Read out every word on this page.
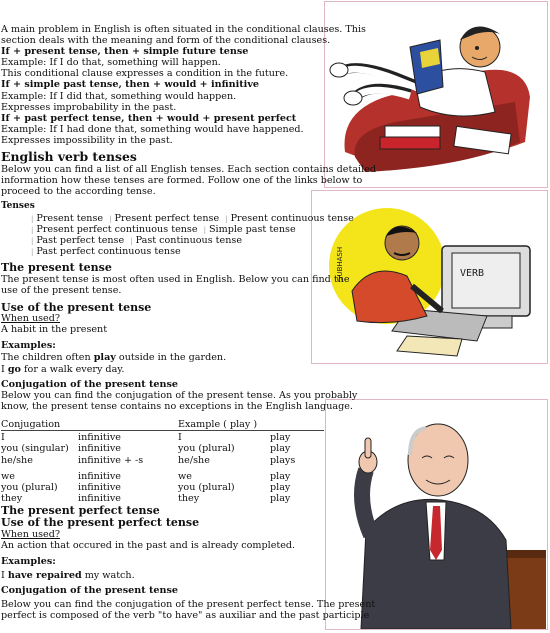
VERB
SUBHASH
A main problem in English is often situated in the conditional clauses. This
section deals with the meaning and form of the conditional clauses.
If + present tense, then + simple future tense
Example: If I do that, something will happen.
This conditional clause expresses a condition in the future.
If + simple past tense, then + would + infinitive
Example: If I did that, something would happen.
Expresses improbability in the past.
If + past perfect tense, then + would + present perfect
Example: If I had done that, something would have happened.
Expresses impossibility in the past.
English verb tenses
Below you can find a list of all English tenses. Each section contains detailed
information how these tenses are formed. Follow one of the links below to
proceed to the according tense.
Tenses
| Present tense | Present perfect tense | Present continuous tense
| Present perfect continuous tense | Simple past tense
| Past perfect tense | Past continuous tense
| Past perfect continuous tense
The present tense
The present tense is most often used in English. Below you can find the
use of the present tense.
Use of the present tense
When used?
A habit in the present
Examples:
The children often play outside in the garden.
I go for a walk every day.
Conjugation of the present tense
Below you can find the conjugation of the present tense. As you probably
know, the present tense contains no exceptions in the English language.
Conjugation		Example ( play )	

I	infinitive	I	play
you (singular)	infinitive	you (plural)	play
he/she	infinitive + -s	he/she	plays

we	infinitive	we	play
you (plural)	infinitive	you (plural)	play
they	infinitive	they	play
The present perfect tense
Use of the present perfect tense
When used?
An action that occured in the past and is already completed.
Examples:
I have repaired my watch.
Conjugation of the present tense
Below you can find the conjugation of the present perfect tense. The present
perfect is composed of the verb "to have" as auxiliar and the past participle
